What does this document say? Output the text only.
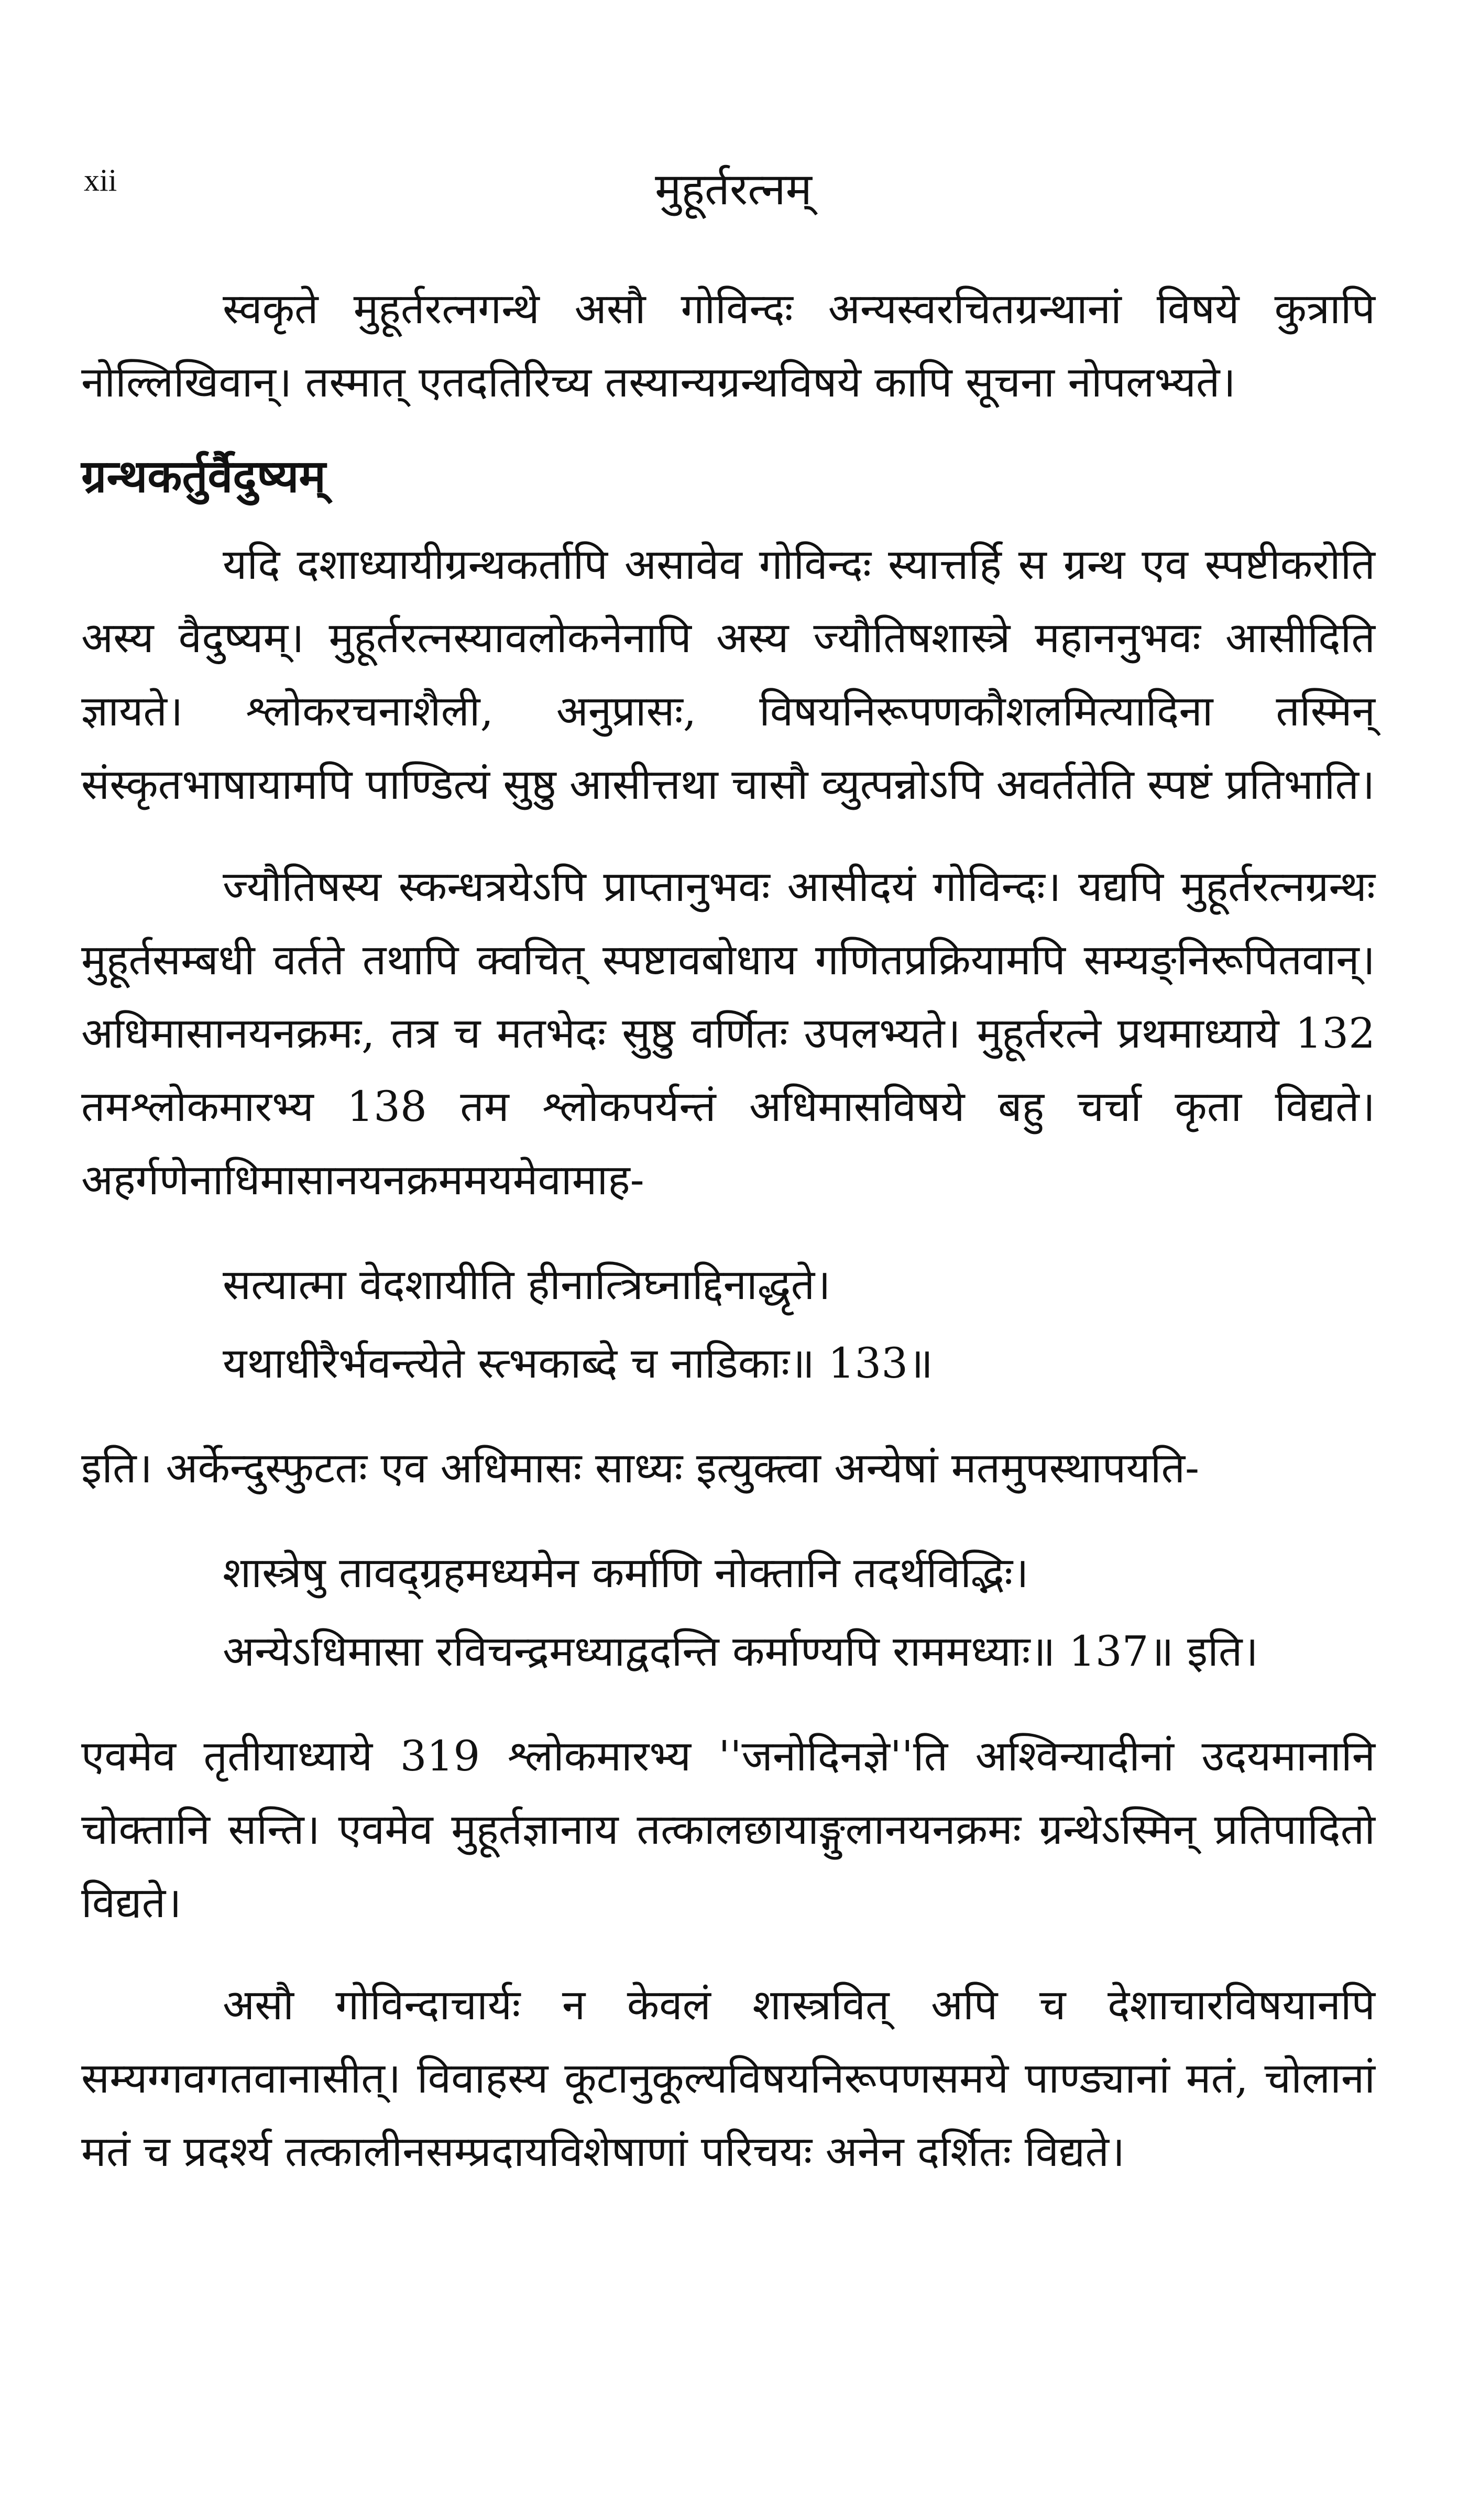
xii	मुहूर्तरत्नम्

स्वकृते मुहूर्तरत्नगन्थे असौ गोविन्दः अन्यस्वरचितग्रन्थानां विषये कुत्रापि नोल्लिखिवान्। तस्मात् एतदतिरिच्य तस्यान्यग्रन्थविषये कापि सूचना नोपलभ्यते।

ग्रन्थकर्तुर्वैदुष्यम्

यदि दशाध्यायीग्रन्थकर्तापि असावेव गोविन्दः स्यात्तर्हि स ग्रन्थ एव स्पष्टीकरोति अस्य वैदुष्यम्। मुहूर्तरत्नस्यावलोकनेनापि अस्य ज्यौतिषशास्त्रे महाननुभवः आसीदिति ज्ञायते। श्लोकरचनाशैली, अनुप्रासः, विषयनिरूपणकौशलमित्यादिना तस्मिन् संस्कृतभाषायामपि पाण्डित्यं सुष्ठु आसीत्तथा चासौ व्युत्पन्नोऽपि अवर्ततेति स्पष्टं प्रतिभाति।

ज्यौतिषस्य स्कन्धत्रयेऽपि प्राप्तानुभवः आसीदयं गोविन्दः। यद्यपि मुहूर्तरत्नग्रन्थः मुहूर्तसम्बधी वर्तते तथापि क्वचित् स्पष्टावबोधाय गणितप्रक्रियामपि सम्यङ्निरूपितवान्। अधिमासानयनक्रमः, तत्र च मतभेदः सुष्ठु वर्णितः उपलभ्यते। मुहूर्तरत्ने प्रथमाध्याये 132 तमश्लोकमारभ्य 138 तम श्लोकपर्यन्तं अधिमासविषये बहु चर्चा कृता विद्यते। अहर्गणेनाधिमासानयनक्रममयमेवामाह-

सत्यात्मा वेदशायीति हीनात्त्रिघ्नाद्दिनाद्धृते।
यथाधीरैर्भवन्त्येते स्त्भकाब्दे च नाडिकाः॥ 133॥

इति। अर्केन्दुस्फुटतः एव अधिमासः साध्यः इत्युक्त्वा अन्येषां मतमुपस्थापयति-

शास्त्रेषु तावद्ग्रहमध्यमेन कर्माणि नोक्तानि तदर्थविद्भिः।
अन्येऽधिमासा रविचन्द्रमध्याद्वदन्ति कर्माण्यपि राममध्याः॥ 137॥ इति।

एवमेव तृतीयाध्याये 319 श्लोकमारभ्य ''जनोदिनज्ञे''ति अश्विन्यादीनां उदयमानानि चोक्तानि सन्ति। एवमेव मुहूर्तज्ञानाय तत्कालछायाङ्गुलानयनक्रमः ग्रन्थेऽस्मिन् प्रतिपादितो विद्यते।

असौ गोविन्दाचार्यः न केवलं शास्त्रवित् अपि च देशाचारविषयानपि सम्यग्गवगतवानासीत्। विवाहस्य कूटानुकूल्यविषयनिरूपणसमये पाण्ड्यानां मतं, चोलानां मतं च प्रदर्श्य तत्कालीनसम्प्रदायविशेषाणां परिचयः अनेन दर्शितः विद्यते।
